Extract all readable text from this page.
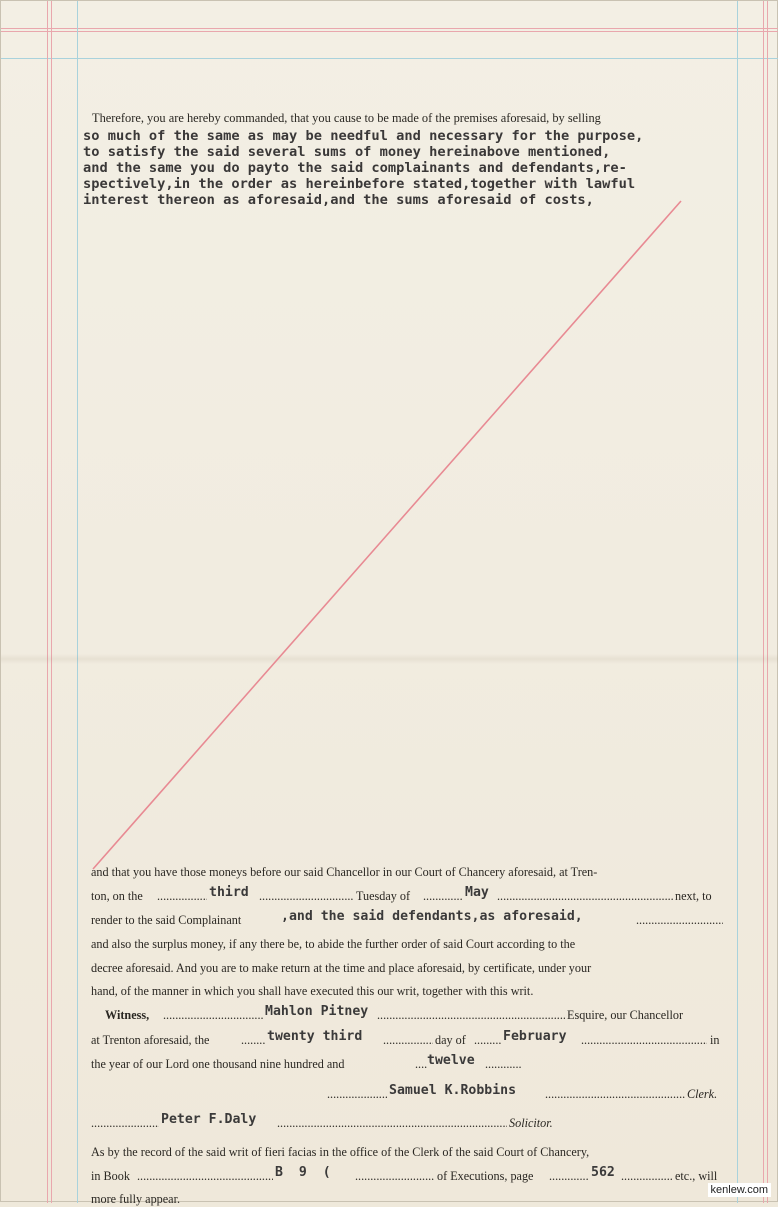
Therefore, you are hereby commanded, that you cause to be made of the premises aforesaid, by selling
so much of the same as may be needful and necessary for the purpose,
to satisfy the said several sums of money hereinabove mentioned,
and the same you do payto the said complainants and defendants,re-
spectively,in the order as hereinbefore stated,together with lawful
interest thereon as aforesaid,and the sums aforesaid of costs,
and that you have those moneys before our said Chancellor in our Court of Chancery aforesaid, at Tren-
ton, on the .....	third .....	Tuesday of .....	May .....	next, to
render to the said Complainant	,and the said defendants,as aforesaid,
.....
and also the surplus money, if any there be, to abide the further order of said Court according to the
decree aforesaid. And you are to make return at the time and place aforesaid, by certificate, under your
hand, of the manner in which you shall have executed this our writ, together with this writ.
Witness, .....	Mahlon Pitney .....	Esquire, our Chancellor
at Trenton aforesaid, the .....	twenty third .....	day of .....	February .....	in
the year of our Lord one thousand nine hundred and .....	twelve
.....
.....
Samuel K.Robbins .....	Clerk.
.....
Peter F.Daly .....	Solicitor.
As by the record of the said writ of fieri facias in the office of the Clerk of the said Court of Chancery,
in Book .....	B 9 ( .....	of Executions, page .....	562 .....	etc., will
more fully appear.
kenlew.com
